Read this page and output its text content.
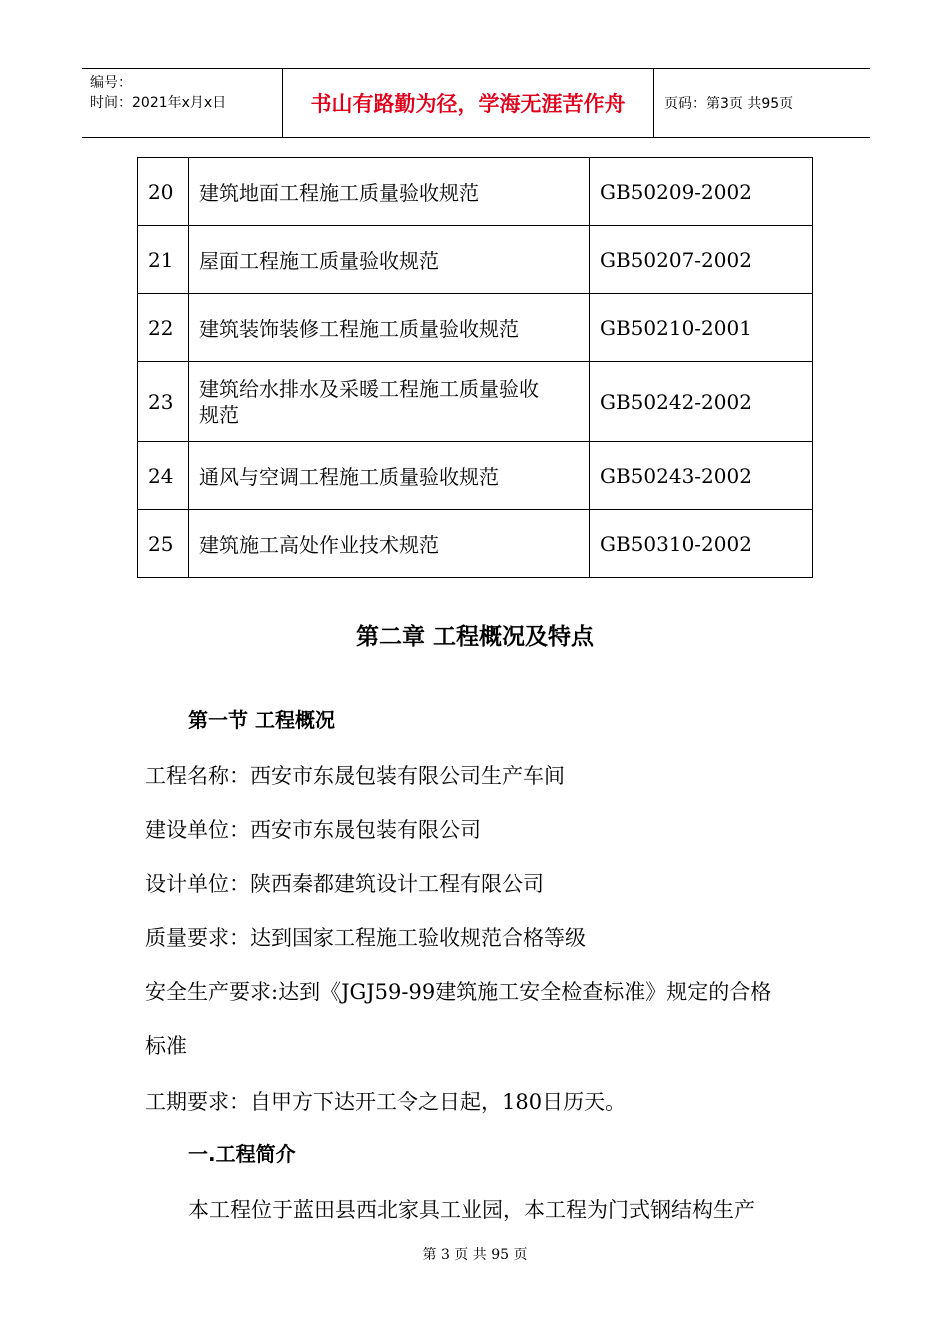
编号：
时间：2021年x月x日	书山有路勤为径，学海无涯苦作舟	页码：第3页 共95页
20	建筑地面工程施工质量验收规范	GB50209-2002
21	屋面工程施工质量验收规范	GB50207-2002
22	建筑装饰装修工程施工质量验收规范	GB50210-2001
23	建筑给水排水及采暖工程施工质量验收
规范	GB50242-2002
24	通风与空调工程施工质量验收规范	GB50243-2002
25	建筑施工高处作业技术规范	GB50310-2002
第二章 工程概况及特点
第一节 工程概况
工程名称：西安市东晟包装有限公司生产车间
建设单位：西安市东晟包装有限公司
设计单位：陕西秦都建筑设计工程有限公司
质量要求：达到国家工程施工验收规范合格等级
安全生产要求:达到《JGJ59-99建筑施工安全检查标准》规定的合格
标准
工期要求：自甲方下达开工令之日起，180日历天。
一.工程简介
本工程位于蓝田县西北家具工业园，本工程为门式钢结构生产
第 3 页 共 95 页
